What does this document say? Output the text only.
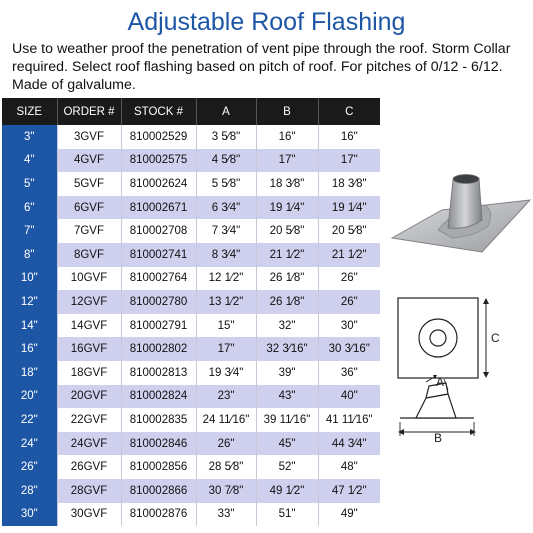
Adjustable Roof Flashing
Use to weather proof the penetration of vent pipe through the roof. Storm Collar required. Select roof flashing based on pitch of roof. For pitches of 0/12 - 6/12. Made of galvalume.
SIZE	ORDER #	STOCK #	A	B	C
3"	3GVF	810002529	3 5⁄8"	16"	16"
4"	4GVF	810002575	4 5⁄8"	17"	17"
5"	5GVF	810002624	5 5⁄8"	18 3⁄8"	18 3⁄8"
6"	6GVF	810002671	6 3⁄4"	19 1⁄4"	19 1⁄4"
7"	7GVF	810002708	7 3⁄4"	20 5⁄8"	20 5⁄8"
8"	8GVF	810002741	8 3⁄4"	21 1⁄2"	21 1⁄2"
10"	10GVF	810002764	12 1⁄2"	26 1⁄8"	26"
12"	12GVF	810002780	13 1⁄2"	26 1⁄8"	26"
14"	14GVF	810002791	15"	32"	30"
16"	16GVF	810002802	17"	32 3⁄16"	30 3⁄16"
18"	18GVF	810002813	19 3⁄4"	39"	36"
20"	20GVF	810002824	23"	43"	40"
22"	22GVF	810002835	24 11⁄16"	39 11⁄16"	41 11⁄16"
24"	24GVF	810002846	26"	45"	44 3⁄4"
26"	26GVF	810002856	28 5⁄8"	52"	48"
28"	28GVF	810002866	30 7⁄8"	49 1⁄2"	47 1⁄2"
30"	30GVF	810002876	33"	51"	49"
C
A
B
